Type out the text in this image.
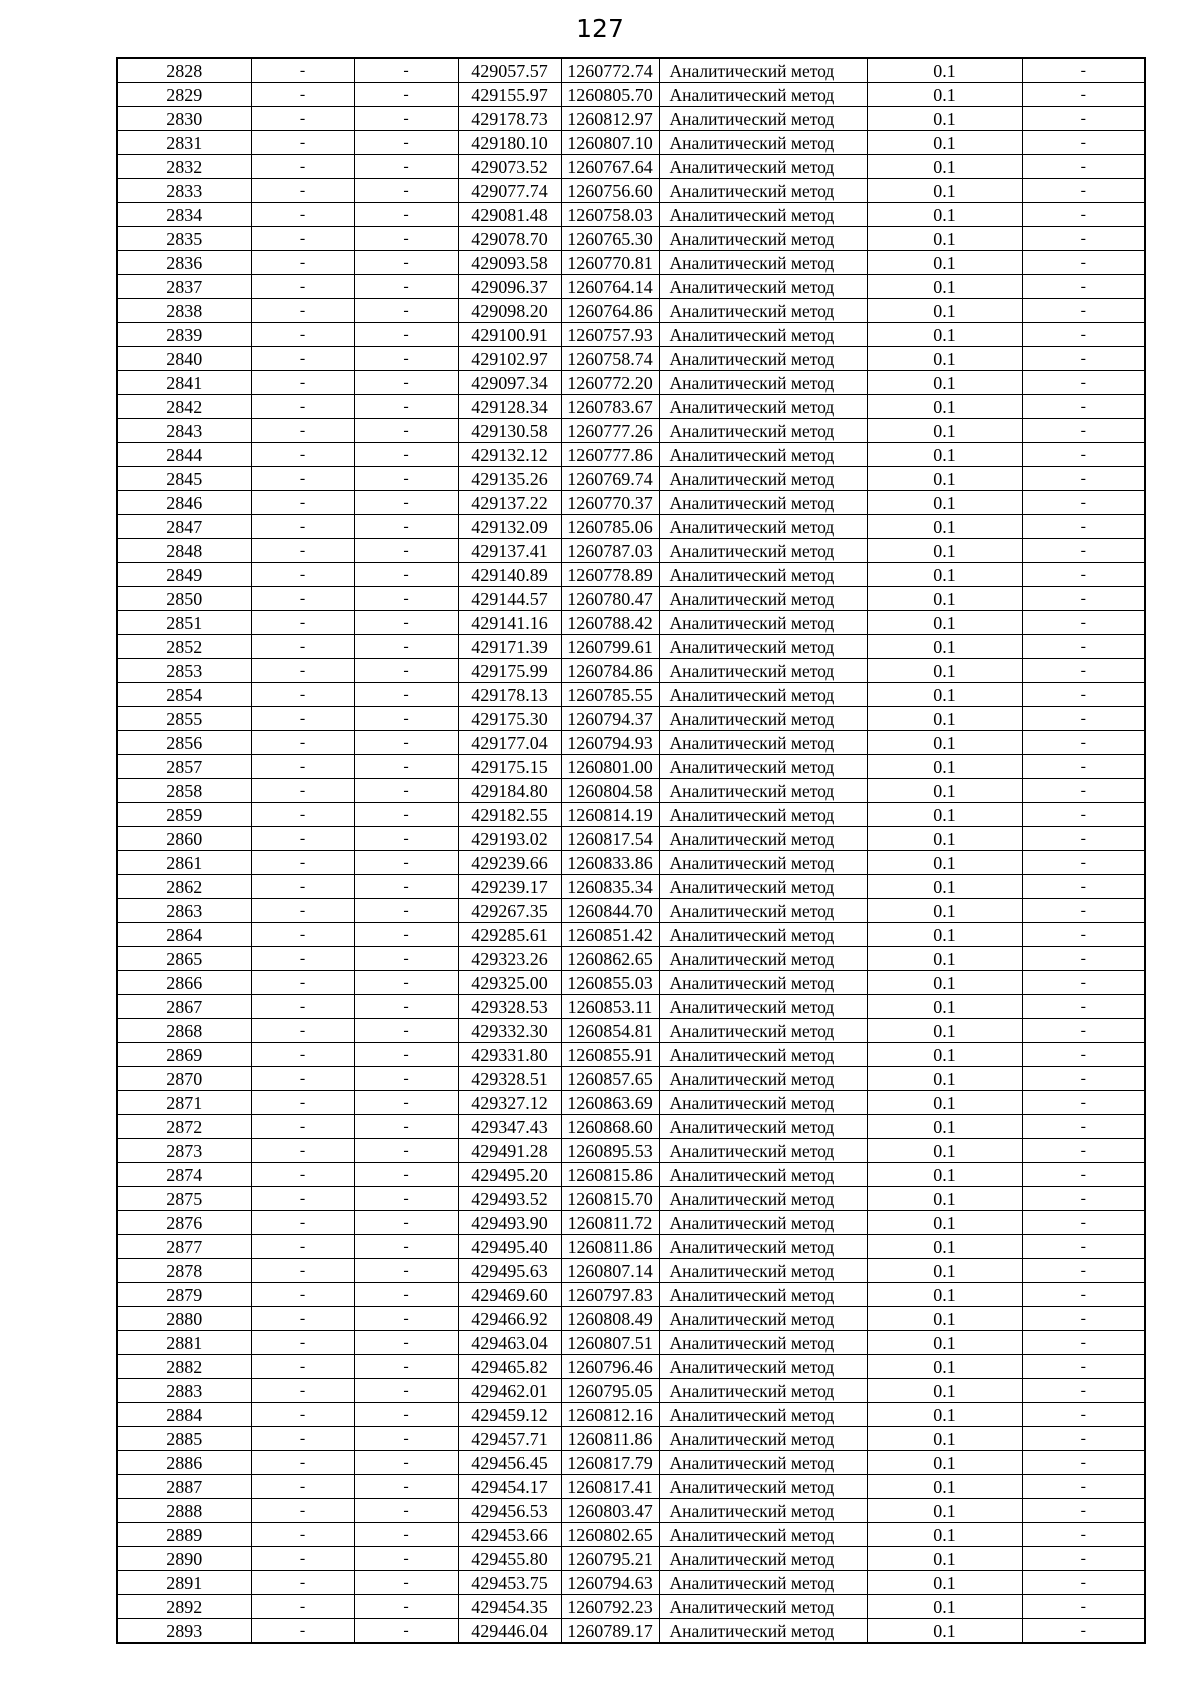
127
2828	-	-	429057.57	1260772.74	Аналитический метод	0.1	-
2829	-	-	429155.97	1260805.70	Аналитический метод	0.1	-
2830	-	-	429178.73	1260812.97	Аналитический метод	0.1	-
2831	-	-	429180.10	1260807.10	Аналитический метод	0.1	-
2832	-	-	429073.52	1260767.64	Аналитический метод	0.1	-
2833	-	-	429077.74	1260756.60	Аналитический метод	0.1	-
2834	-	-	429081.48	1260758.03	Аналитический метод	0.1	-
2835	-	-	429078.70	1260765.30	Аналитический метод	0.1	-
2836	-	-	429093.58	1260770.81	Аналитический метод	0.1	-
2837	-	-	429096.37	1260764.14	Аналитический метод	0.1	-
2838	-	-	429098.20	1260764.86	Аналитический метод	0.1	-
2839	-	-	429100.91	1260757.93	Аналитический метод	0.1	-
2840	-	-	429102.97	1260758.74	Аналитический метод	0.1	-
2841	-	-	429097.34	1260772.20	Аналитический метод	0.1	-
2842	-	-	429128.34	1260783.67	Аналитический метод	0.1	-
2843	-	-	429130.58	1260777.26	Аналитический метод	0.1	-
2844	-	-	429132.12	1260777.86	Аналитический метод	0.1	-
2845	-	-	429135.26	1260769.74	Аналитический метод	0.1	-
2846	-	-	429137.22	1260770.37	Аналитический метод	0.1	-
2847	-	-	429132.09	1260785.06	Аналитический метод	0.1	-
2848	-	-	429137.41	1260787.03	Аналитический метод	0.1	-
2849	-	-	429140.89	1260778.89	Аналитический метод	0.1	-
2850	-	-	429144.57	1260780.47	Аналитический метод	0.1	-
2851	-	-	429141.16	1260788.42	Аналитический метод	0.1	-
2852	-	-	429171.39	1260799.61	Аналитический метод	0.1	-
2853	-	-	429175.99	1260784.86	Аналитический метод	0.1	-
2854	-	-	429178.13	1260785.55	Аналитический метод	0.1	-
2855	-	-	429175.30	1260794.37	Аналитический метод	0.1	-
2856	-	-	429177.04	1260794.93	Аналитический метод	0.1	-
2857	-	-	429175.15	1260801.00	Аналитический метод	0.1	-
2858	-	-	429184.80	1260804.58	Аналитический метод	0.1	-
2859	-	-	429182.55	1260814.19	Аналитический метод	0.1	-
2860	-	-	429193.02	1260817.54	Аналитический метод	0.1	-
2861	-	-	429239.66	1260833.86	Аналитический метод	0.1	-
2862	-	-	429239.17	1260835.34	Аналитический метод	0.1	-
2863	-	-	429267.35	1260844.70	Аналитический метод	0.1	-
2864	-	-	429285.61	1260851.42	Аналитический метод	0.1	-
2865	-	-	429323.26	1260862.65	Аналитический метод	0.1	-
2866	-	-	429325.00	1260855.03	Аналитический метод	0.1	-
2867	-	-	429328.53	1260853.11	Аналитический метод	0.1	-
2868	-	-	429332.30	1260854.81	Аналитический метод	0.1	-
2869	-	-	429331.80	1260855.91	Аналитический метод	0.1	-
2870	-	-	429328.51	1260857.65	Аналитический метод	0.1	-
2871	-	-	429327.12	1260863.69	Аналитический метод	0.1	-
2872	-	-	429347.43	1260868.60	Аналитический метод	0.1	-
2873	-	-	429491.28	1260895.53	Аналитический метод	0.1	-
2874	-	-	429495.20	1260815.86	Аналитический метод	0.1	-
2875	-	-	429493.52	1260815.70	Аналитический метод	0.1	-
2876	-	-	429493.90	1260811.72	Аналитический метод	0.1	-
2877	-	-	429495.40	1260811.86	Аналитический метод	0.1	-
2878	-	-	429495.63	1260807.14	Аналитический метод	0.1	-
2879	-	-	429469.60	1260797.83	Аналитический метод	0.1	-
2880	-	-	429466.92	1260808.49	Аналитический метод	0.1	-
2881	-	-	429463.04	1260807.51	Аналитический метод	0.1	-
2882	-	-	429465.82	1260796.46	Аналитический метод	0.1	-
2883	-	-	429462.01	1260795.05	Аналитический метод	0.1	-
2884	-	-	429459.12	1260812.16	Аналитический метод	0.1	-
2885	-	-	429457.71	1260811.86	Аналитический метод	0.1	-
2886	-	-	429456.45	1260817.79	Аналитический метод	0.1	-
2887	-	-	429454.17	1260817.41	Аналитический метод	0.1	-
2888	-	-	429456.53	1260803.47	Аналитический метод	0.1	-
2889	-	-	429453.66	1260802.65	Аналитический метод	0.1	-
2890	-	-	429455.80	1260795.21	Аналитический метод	0.1	-
2891	-	-	429453.75	1260794.63	Аналитический метод	0.1	-
2892	-	-	429454.35	1260792.23	Аналитический метод	0.1	-
2893	-	-	429446.04	1260789.17	Аналитический метод	0.1	-
